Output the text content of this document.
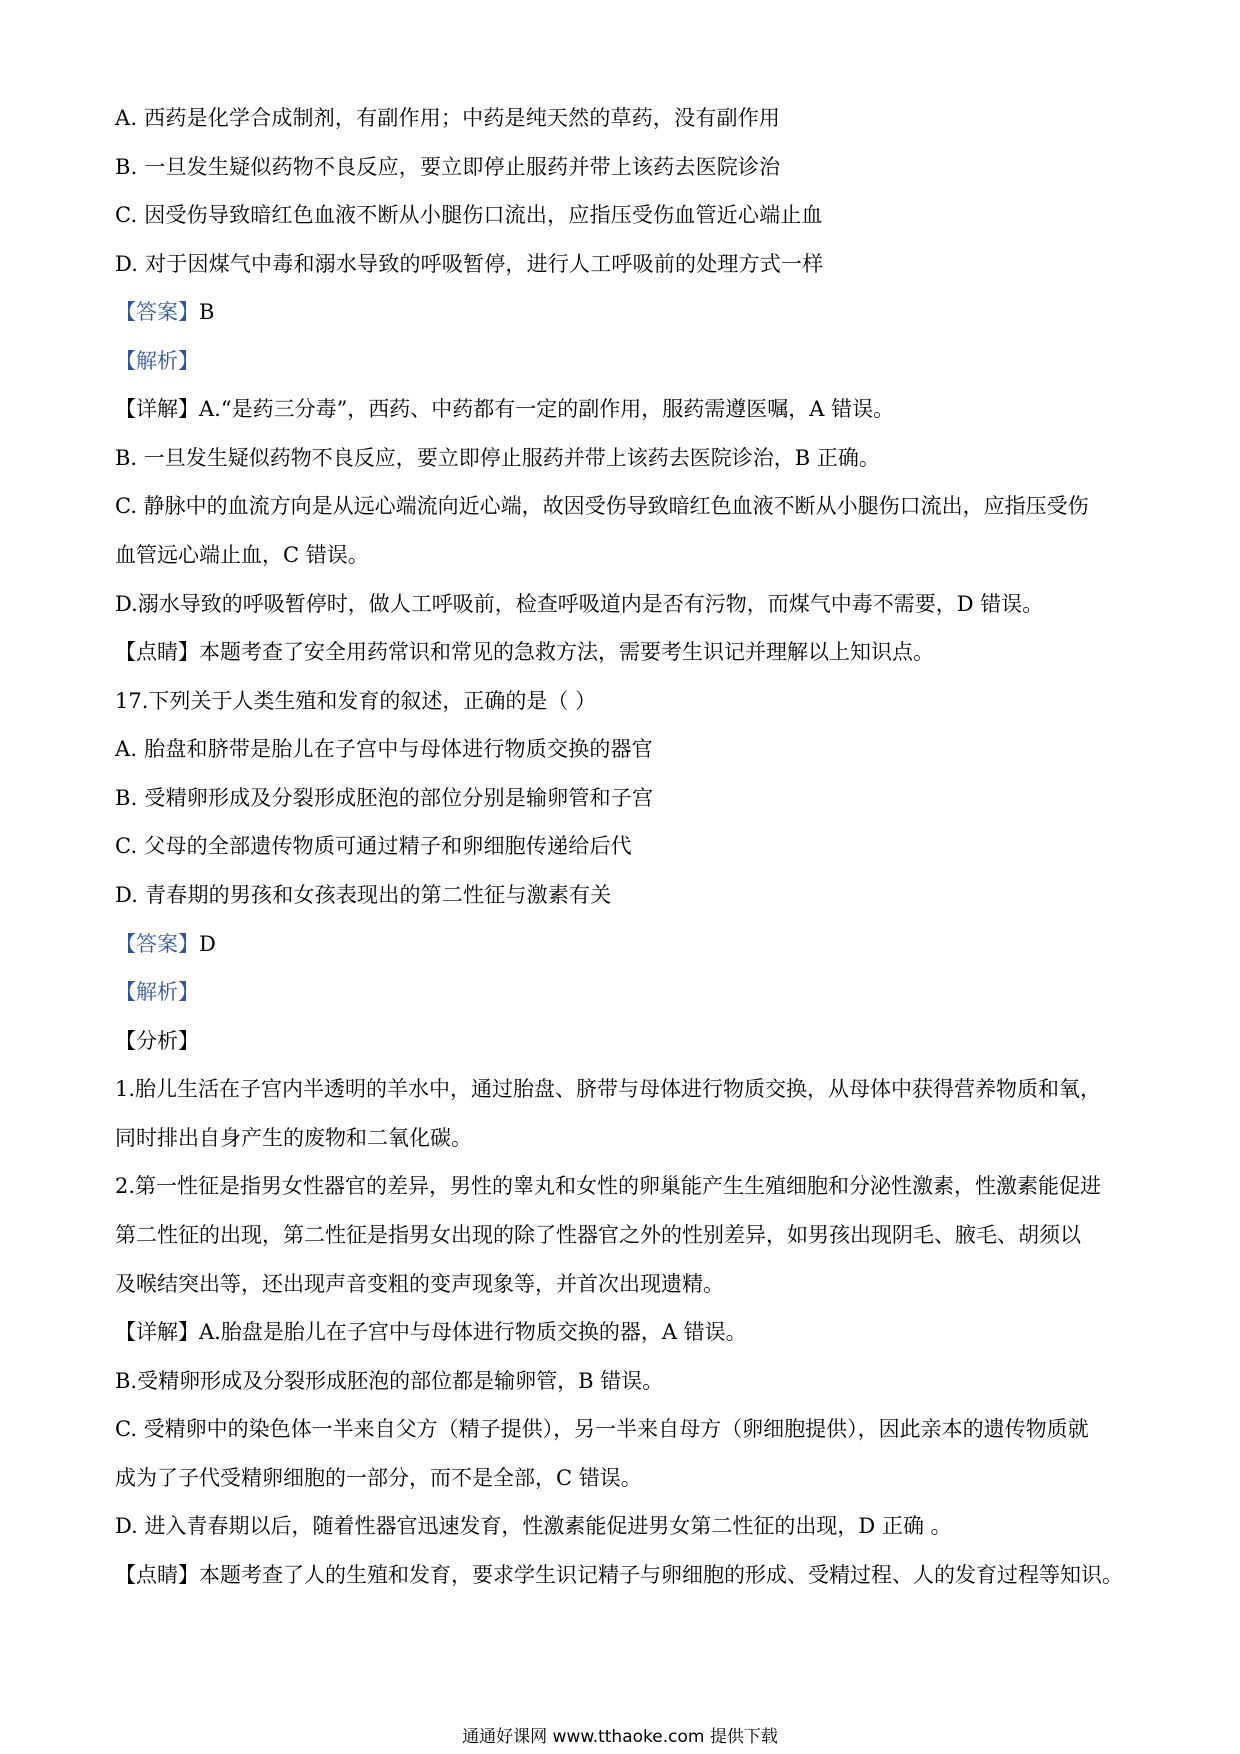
A. 西药是化学合成制剂，有副作用；中药是纯天然的草药，没有副作用
B. 一旦发生疑似药物不良反应，要立即停止服药并带上该药去医院诊治
C. 因受伤导致暗红色血液不断从小腿伤口流出，应指压受伤血管近心端止血
D. 对于因煤气中毒和溺水导致的呼吸暂停，进行人工呼吸前的处理方式一样
【答案】B
【解析】
【详解】A.“是药三分毒”，西药、中药都有一定的副作用，服药需遵医嘱，A 错误。
B. 一旦发生疑似药物不良反应，要立即停止服药并带上该药去医院诊治，B 正确。
C. 静脉中的血流方向是从远心端流向近心端，故因受伤导致暗红色血液不断从小腿伤口流出，应指压受伤
血管远心端止血，C 错误。
D.溺水导致的呼吸暂停时，做人工呼吸前，检查呼吸道内是否有污物，而煤气中毒不需要，D 错误。
【点睛】本题考查了安全用药常识和常见的急救方法，需要考生识记并理解以上知识点。
17.下列关于人类生殖和发育的叙述，正确的是（ ）
A. 胎盘和脐带是胎儿在子宫中与母体进行物质交换的器官
B. 受精卵形成及分裂形成胚泡的部位分别是输卵管和子宫
C. 父母的全部遗传物质可通过精子和卵细胞传递给后代
D. 青春期的男孩和女孩表现出的第二性征与激素有关
【答案】D
【解析】
【分析】
1.胎儿生活在子宫内半透明的羊水中，通过胎盘、脐带与母体进行物质交换，从母体中获得营养物质和氧，
同时排出自身产生的废物和二氧化碳。
2.第一性征是指男女性器官的差异，男性的睾丸和女性的卵巢能产生生殖细胞和分泌性激素，性激素能促进
第二性征的出现，第二性征是指男女出现的除了性器官之外的性别差异，如男孩出现阴毛、腋毛、胡须以
及喉结突出等，还出现声音变粗的变声现象等，并首次出现遗精。
【详解】A.胎盘是胎儿在子宫中与母体进行物质交换的器，A 错误。
B.受精卵形成及分裂形成胚泡的部位都是输卵管，B 错误。
C. 受精卵中的染色体一半来自父方（精子提供），另一半来自母方（卵细胞提供），因此亲本的遗传物质就
成为了子代受精卵细胞的一部分，而不是全部，C 错误。
D. 进入青春期以后，随着性器官迅速发育，性激素能促进男女第二性征的出现，D 正确 。
【点睛】本题考查了人的生殖和发育，要求学生识记精子与卵细胞的形成、受精过程、人的发育过程等知识。
通通好课网 www.tthaoke.com 提供下载
